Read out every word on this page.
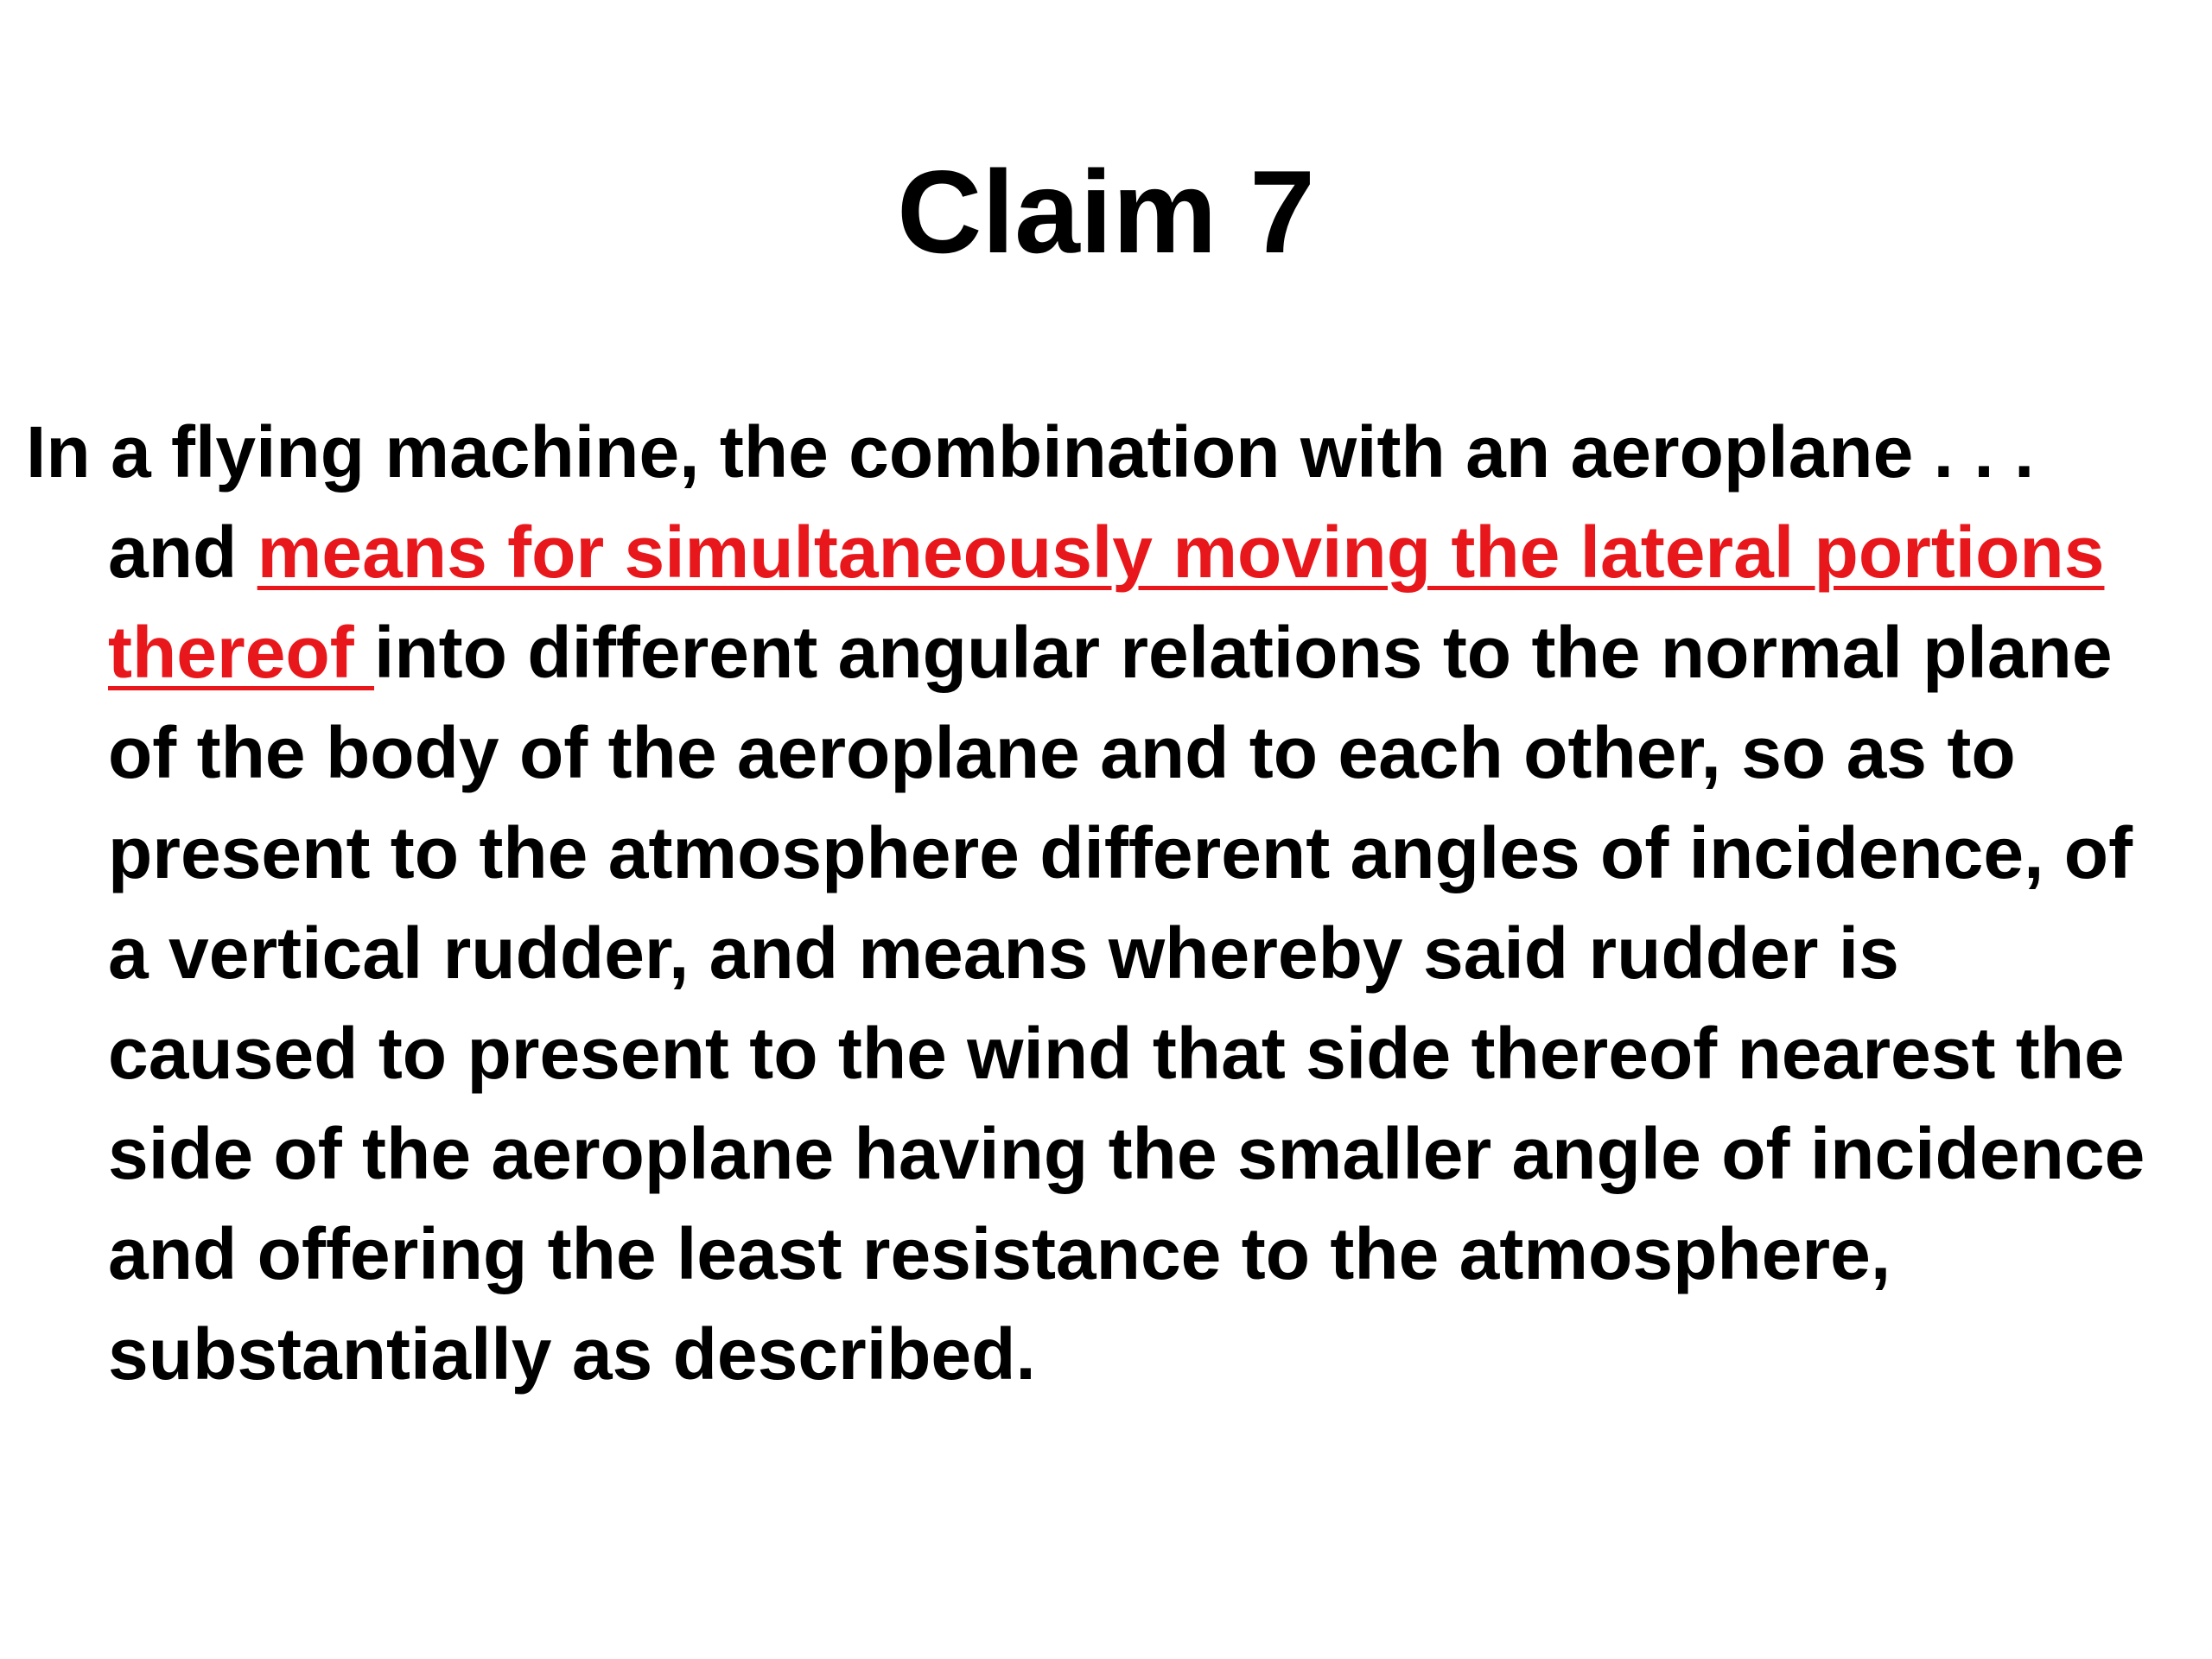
Claim 7

In a flying machine, the combination with an aeroplane . . . and means for simultaneously moving the lateral portions thereof into different angular relations to the normal plane of the body of the aeroplane and to each other, so as to present to the atmosphere different angles of incidence, of a vertical rudder, and means whereby said rudder is caused to present to the wind that side thereof nearest the side of the aeroplane having the smaller angle of incidence and offering the least resistance to the atmosphere, substantially as described.
